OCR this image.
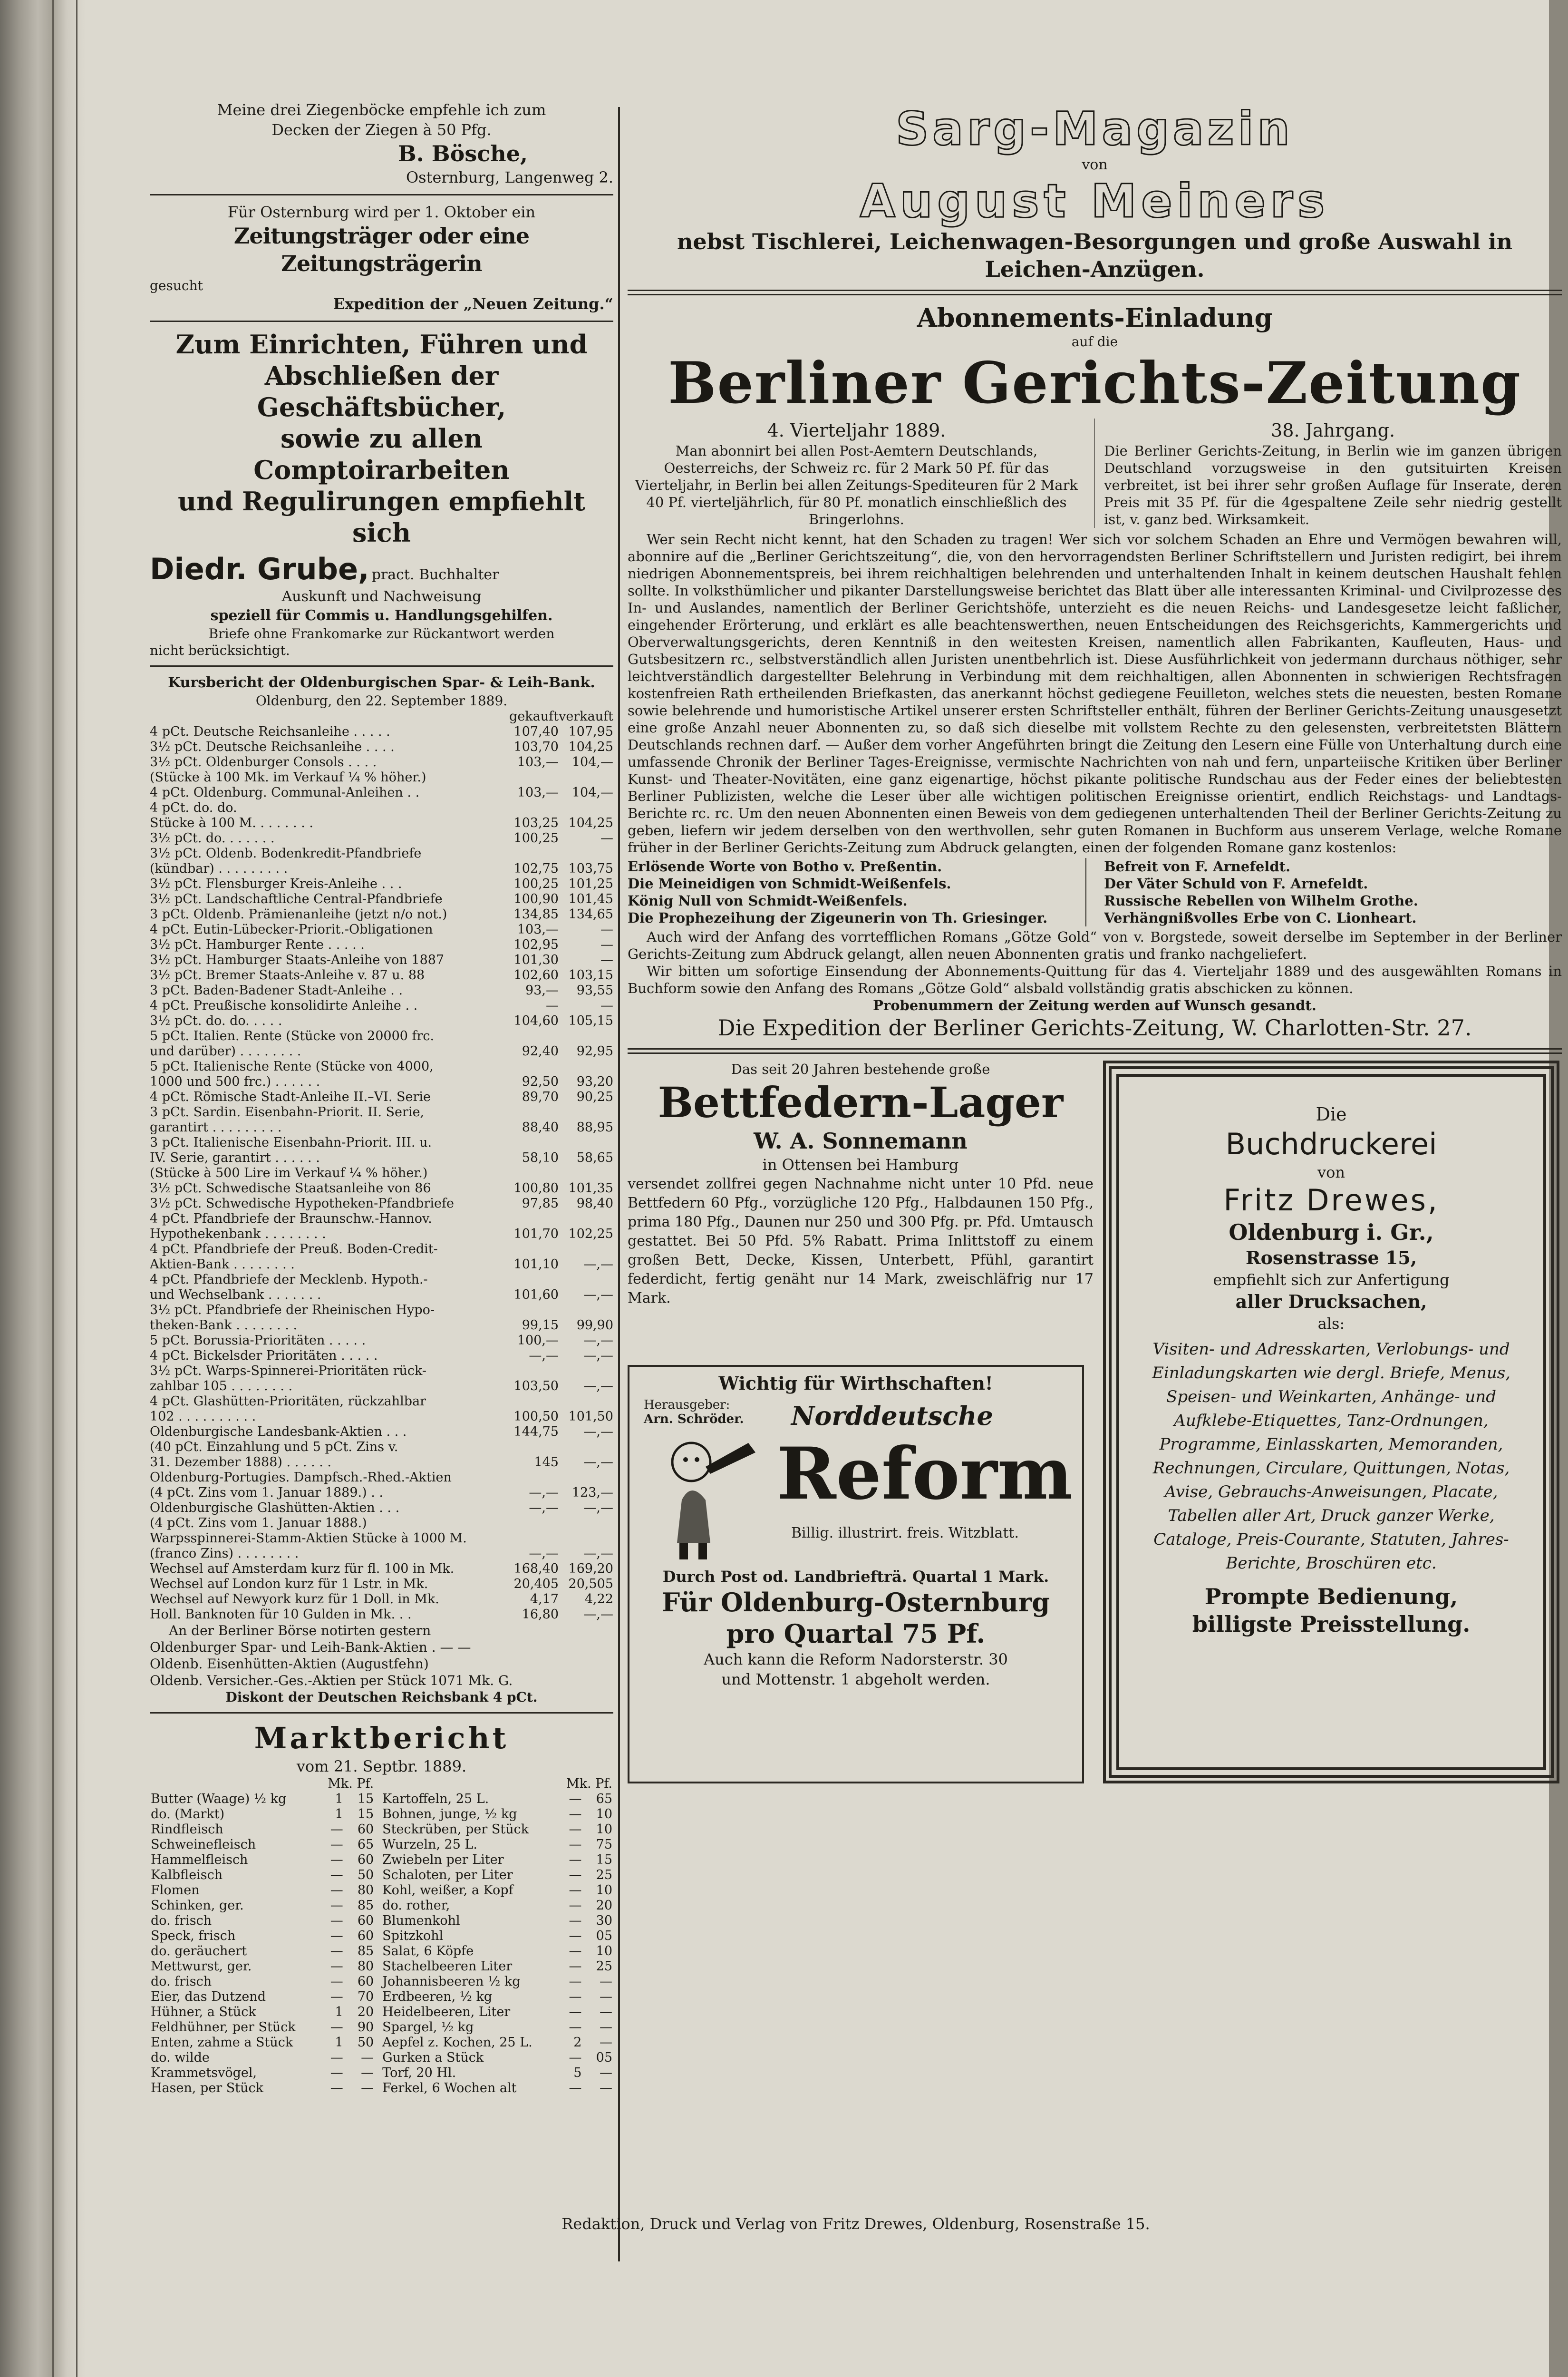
Meine drei Ziegenböcke empfehle ich zum

Decken der Ziegen à 50 Pfg.

B. Bösche,

Osternburg, Langenweg 2.

Für Osternburg wird per 1. Oktober ein

Zeitungsträger oder eine Zeitungsträgerin

gesucht

Expedition der „Neuen Zeitung.“

Zum Einrichten, Führen und

Abschließen der Geschäftsbücher,

sowie zu allen Comptoirarbeiten

und Regulirungen empfiehlt sich

Diedr. Grube, pract. Buchhalter

Auskunft und Nachweisung

speziell für Commis u. Handlungsgehilfen.

Briefe ohne Frankomarke zur Rückantwort werden

nicht berücksichtigt.

Kursbericht der Oldenburgischen Spar- & Leih-Bank.

Oldenburg, den 22. September 1889.

	gekauft	verkauft
4 pCt. Deutsche Reichsanleihe . . . . .	107,40	107,95
3½ pCt. Deutsche Reichsanleihe . . . .	103,70	104,25
3½ pCt. Oldenburger Consols . . . .	103,—	104,—
(Stücke à 100 Mk. im Verkauf ¼ % höher.)		
4 pCt. Oldenburg. Communal-Anleihen . .	103,—	104,—
4 pCt. do. do.		
Stücke à 100 M. . . . . . . .	103,25	104,25
3½ pCt. do. . . . . . .	100,25	—
3½ pCt. Oldenb. Bodenkredit-Pfandbriefe		
(kündbar) . . . . . . . . .	102,75	103,75
3½ pCt. Flensburger Kreis-Anleihe . . .	100,25	101,25
3½ pCt. Landschaftliche Central-Pfandbriefe	100,90	101,45
3 pCt. Oldenb. Prämienanleihe (jetzt n/o not.)	134,85	134,65
4 pCt. Eutin-Lübecker-Priorit.-Obligationen	103,—	—
3½ pCt. Hamburger Rente . . . . .	102,95	—
3½ pCt. Hamburger Staats-Anleihe von 1887	101,30	—
3½ pCt. Bremer Staats-Anleihe v. 87 u. 88	102,60	103,15
3 pCt. Baden-Badener Stadt-Anleihe . .	93,—	93,55
4 pCt. Preußische konsolidirte Anleihe . .	—	—
3½ pCt. do. do. . . . .	104,60	105,15
5 pCt. Italien. Rente (Stücke von 20000 frc.		
und darüber) . . . . . . . .	92,40	92,95
5 pCt. Italienische Rente (Stücke von 4000,		
1000 und 500 frc.) . . . . . .	92,50	93,20
4 pCt. Römische Stadt-Anleihe II.–VI. Serie	89,70	90,25
3 pCt. Sardin. Eisenbahn-Priorit. II. Serie,		
garantirt . . . . . . . . .	88,40	88,95
3 pCt. Italienische Eisenbahn-Priorit. III. u.		
IV. Serie, garantirt . . . . . .	58,10	58,65
(Stücke à 500 Lire im Verkauf ¼ % höher.)		
3½ pCt. Schwedische Staatsanleihe von 86	100,80	101,35
3½ pCt. Schwedische Hypotheken-Pfandbriefe	97,85	98,40
4 pCt. Pfandbriefe der Braunschw.-Hannov.		
Hypothekenbank . . . . . . . .	101,70	102,25
4 pCt. Pfandbriefe der Preuß. Boden-Credit-		
Aktien-Bank . . . . . . . .	101,10	—,—
4 pCt. Pfandbriefe der Mecklenb. Hypoth.-		
und Wechselbank . . . . . . .	101,60	—,—
3½ pCt. Pfandbriefe der Rheinischen Hypo-		
theken-Bank . . . . . . . .	99,15	99,90
5 pCt. Borussia-Prioritäten . . . . .	100,—	—,—
4 pCt. Bickelsder Prioritäten . . . . .	—,—	—,—
3½ pCt. Warps-Spinnerei-Prioritäten rück-		
zahlbar 105 . . . . . . . .	103,50	—,—
4 pCt. Glashütten-Prioritäten, rückzahlbar		
102 . . . . . . . . . .	100,50	101,50
Oldenburgische Landesbank-Aktien . . .	144,75	—,—
(40 pCt. Einzahlung und 5 pCt. Zins v.		
31. Dezember 1888) . . . . . .	145	—,—
Oldenburg-Portugies. Dampfsch.-Rhed.-Aktien		
(4 pCt. Zins vom 1. Januar 1889.) . .	—,—	123,—
Oldenburgische Glashütten-Aktien . . .	—,—	—,—
(4 pCt. Zins vom 1. Januar 1888.)		
Warpsspinnerei-Stamm-Aktien Stücke à 1000 M.		
(franco Zins) . . . . . . . .	—,—	—,—
Wechsel auf Amsterdam kurz für fl. 100 in Mk.	168,40	169,20
Wechsel auf London kurz für 1 Lstr. in Mk.	20,405	20,505
Wechsel auf Newyork kurz für 1 Doll. in Mk.	4,17	4,22
Holl. Banknoten für 10 Gulden in Mk. . .	16,80	—,—

An der Berliner Börse notirten gestern

Oldenburger Spar- und Leih-Bank-Aktien . — —

Oldenb. Eisenhütten-Aktien (Augustfehn)

Oldenb. Versicher.-Ges.-Aktien per Stück 1071 Mk. G.

Diskont der Deutschen Reichsbank 4 pCt.

Marktbericht

vom 21. Septbr. 1889.

	Mk. Pf.			Mk. Pf.	
Butter (Waage) ½ kg	1	15	Kartoffeln, 25 L.	—	65
do. (Markt)	1	15	Bohnen, junge, ½ kg	—	10
Rindfleisch	—	60	Steckrüben, per Stück	—	10
Schweinefleisch	—	65	Wurzeln, 25 L.	—	75
Hammelfleisch	—	60	Zwiebeln per Liter	—	15
Kalbfleisch	—	50	Schaloten, per Liter	—	25
Flomen	—	80	Kohl, weißer, a Kopf	—	10
Schinken, ger.	—	85	do. rother,	—	20
do. frisch	—	60	Blumenkohl	—	30
Speck, frisch	—	60	Spitzkohl	—	05
do. geräuchert	—	85	Salat, 6 Köpfe	—	10
Mettwurst, ger.	—	80	Stachelbeeren Liter	—	25
do. frisch	—	60	Johannisbeeren ½ kg	—	—
Eier, das Dutzend	—	70	Erdbeeren, ½ kg	—	—
Hühner, a Stück	1	20	Heidelbeeren, Liter	—	—
Feldhühner, per Stück	—	90	Spargel, ½ kg	—	—
Enten, zahme a Stück	1	50	Aepfel z. Kochen, 25 L.	2	—
do. wilde	—	—	Gurken a Stück	—	05
Krammetsvögel,	—	—	Torf, 20 Hl.	5	—
Hasen, per Stück	—	—	Ferkel, 6 Wochen alt	—	—

Sarg-Magazin

von

August Meiners

nebst Tischlerei, Leichenwagen-Besorgungen und große Auswahl in Leichen-Anzügen.

Abonnements-Einladung

auf die

Berliner Gerichts-Zeitung

4. Vierteljahr 1889.

Man abonnirt bei allen Post-Aemtern Deutschlands, Oesterreichs, der Schweiz rc. für 2 Mark 50 Pf. für das Vierteljahr, in Berlin bei allen Zeitungs-Spediteuren für 2 Mark 40 Pf. vierteljährlich, für 80 Pf. monatlich einschließlich des Bringerlohns.

38. Jahrgang.

Die Berliner Gerichts-Zeitung, in Berlin wie im ganzen übrigen Deutschland vorzugsweise in den gutsituirten Kreisen verbreitet, ist bei ihrer sehr großen Auflage für Inserate, deren Preis mit 35 Pf. für die 4gespaltene Zeile sehr niedrig gestellt ist, v. ganz bed. Wirksamkeit.

Wer sein Recht nicht kennt, hat den Schaden zu tragen! Wer sich vor solchem Schaden an Ehre und Vermögen bewahren will, abonnire auf die „Berliner Gerichtszeitung“, die, von den hervorragendsten Berliner Schriftstellern und Juristen redigirt, bei ihrem niedrigen Abonnementspreis, bei ihrem reichhaltigen belehrenden und unterhaltenden Inhalt in keinem deutschen Haushalt fehlen sollte. In volksthümlicher und pikanter Darstellungsweise berichtet das Blatt über alle interessanten Kriminal- und Civilprozesse des In- und Auslandes, namentlich der Berliner Gerichtshöfe, unterzieht es die neuen Reichs- und Landesgesetze leicht faßlicher, eingehender Erörterung, und erklärt es alle beachtenswerthen, neuen Entscheidungen des Reichsgerichts, Kammergerichts und Oberverwaltungsgerichts, deren Kenntniß in den weitesten Kreisen, namentlich allen Fabrikanten, Kaufleuten, Haus- und Gutsbesitzern rc., selbstverständlich allen Juristen unentbehrlich ist. Diese Ausführlichkeit von jedermann durchaus nöthiger, sehr leichtverständlich dargestellter Belehrung in Verbindung mit dem reichhaltigen, allen Abonnenten in schwierigen Rechtsfragen kostenfreien Rath ertheilenden Briefkasten, das anerkannt höchst gediegene Feuilleton, welches stets die neuesten, besten Romane sowie belehrende und humoristische Artikel unserer ersten Schriftsteller enthält, führen der Berliner Gerichts-Zeitung unausgesetzt eine große Anzahl neuer Abonnenten zu, so daß sich dieselbe mit vollstem Rechte zu den gelesensten, verbreitetsten Blättern Deutschlands rechnen darf. — Außer dem vorher Angeführten bringt die Zeitung den Lesern eine Fülle von Unterhaltung durch eine umfassende Chronik der Berliner Tages-Ereignisse, vermischte Nachrichten von nah und fern, unparteiische Kritiken über Berliner Kunst- und Theater-Novitäten, eine ganz eigenartige, höchst pikante politische Rundschau aus der Feder eines der beliebtesten Berliner Publizisten, welche die Leser über alle wichtigen politischen Ereignisse orientirt, endlich Reichstags- und Landtags-Berichte rc. rc. Um den neuen Abonnenten einen Beweis von dem gediegenen unterhaltenden Theil der Berliner Gerichts-Zeitung zu geben, liefern wir jedem derselben von den werthvollen, sehr guten Romanen in Buchform aus unserem Verlage, welche Romane früher in der Berliner Gerichts-Zeitung zum Abdruck gelangten, einen der folgenden Romane ganz kostenlos:

Erlösende Worte von Botho v. Preßentin.

Die Meineidigen von Schmidt-Weißenfels.

König Null von Schmidt-Weißenfels.

Die Prophezeihung der Zigeunerin von Th. Griesinger.

Befreit von F. Arnefeldt.

Der Väter Schuld von F. Arnefeldt.

Russische Rebellen von Wilhelm Grothe.

Verhängnißvolles Erbe von C. Lionheart.

Auch wird der Anfang des vorrtefflichen Romans „Götze Gold“ von v. Borgstede, soweit derselbe im September in der Berliner Gerichts-Zeitung zum Abdruck gelangt, allen neuen Abonnenten gratis und franko nachgeliefert.

Wir bitten um sofortige Einsendung der Abonnements-Quittung für das 4. Vierteljahr 1889 und des ausgewählten Romans in Buchform sowie den Anfang des Romans „Götze Gold“ alsbald vollständig gratis abschicken zu können.

Probenummern der Zeitung werden auf Wunsch gesandt.

Die Expedition der Berliner Gerichts-Zeitung, W. Charlotten-Str. 27.

Das seit 20 Jahren bestehende große

Bettfedern-Lager

W. A. Sonnemann

in Ottensen bei Hamburg

versendet zollfrei gegen Nachnahme nicht unter 10 Pfd. neue Bettfedern 60 Pfg., vorzügliche 120 Pfg., Halbdaunen 150 Pfg., prima 180 Pfg., Daunen nur 250 und 300 Pfg. pr. Pfd. Umtausch gestattet. Bei 50 Pfd. 5% Rabatt. Prima Inlittstoff zu einem großen Bett, Decke, Kissen, Unterbett, Pfühl, garantirt federdicht, fertig genäht nur 14 Mark, zweischläfrig nur 17 Mark.

Wichtig für Wirthschaften!

Herausgeber:

Arn. Schröder. Norddeutsche

Reform

Billig. illustrirt. freis. Witzblatt.

Durch Post od. Landbriefträ. Quartal 1 Mark.

Für Oldenburg-Osternburg

pro Quartal 75 Pf.

Auch kann die Reform Nadorsterstr. 30

und Mottenstr. 1 abgeholt werden.

Die

Buchdruckerei

von

Fritz Drewes,

Oldenburg i. Gr.,

Rosenstrasse 15,

empfiehlt sich zur Anfertigung

aller Drucksachen,

als:

Visiten- und Adresskarten, Verlobungs- und Einladungskarten wie dergl. Briefe, Menus, Speisen- und Weinkarten, Anhänge- und Aufklebe-Etiquettes, Tanz-Ordnungen, Programme, Einlasskarten, Memoranden, Rechnungen, Circulare, Quittungen, Notas, Avise, Gebrauchs-Anweisungen, Placate, Tabellen aller Art, Druck ganzer Werke, Cataloge, Preis-Courante, Statuten, Jahres-Berichte, Broschüren etc.

Prompte Bedienung,

billigste Preisstellung.

Redaktion, Druck und Verlag von Fritz Drewes, Oldenburg, Rosenstraße 15.
